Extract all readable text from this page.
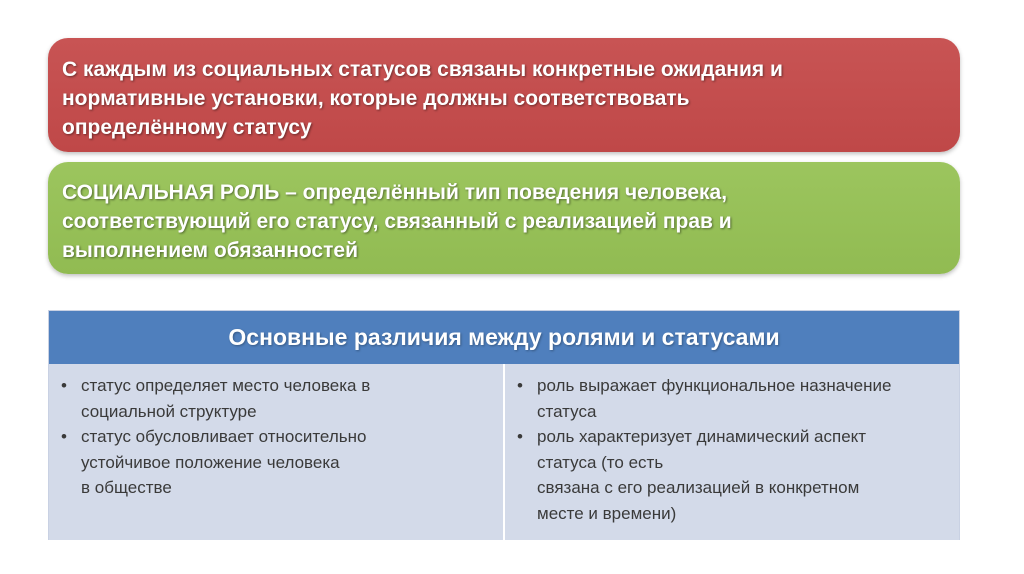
С каждым из социальных статусов связаны конкретные ожидания и
нормативные установки, которые должны соответствовать
определённому статусу
СОЦИАЛЬНАЯ РОЛЬ – определённый тип поведения человека,
соответствующий его статусу, связанный с реализацией прав и
выполнением обязанностей
Основные различия между ролями и статусами
• статус определяет место человека в
социальной структуре
• статус обусловливает относительно
устойчивое положение человека
в обществе
• роль выражает функциональное назначение
статуса
• роль характеризует динамический аспект
статуса (то есть
связана с его реализацией в конкретном
месте и времени)
